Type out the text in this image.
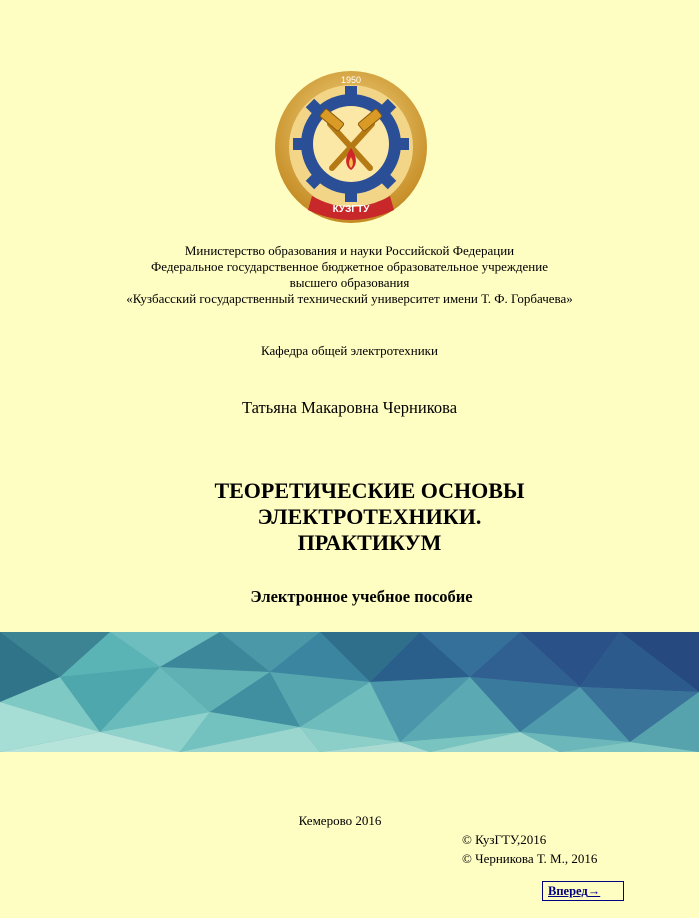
1950
КУЗГТУ
Министерство образования и науки Российской Федерации
Федеральное государственное бюджетное образовательное учреждение
высшего образования
«Кузбасский государственный технический университет имени Т. Ф. Горбачева»
Кафедра общей электротехники
Татьяна Макаровна Черникова
ТЕОРЕТИЧЕСКИЕ ОСНОВЫ
ЭЛЕКТРОТЕХНИКИ.
ПРАКТИКУМ
Электронное учебное пособие
Кемерово 2016
© КузГТУ,2016
© Черникова Т. М., 2016
Вперед→
